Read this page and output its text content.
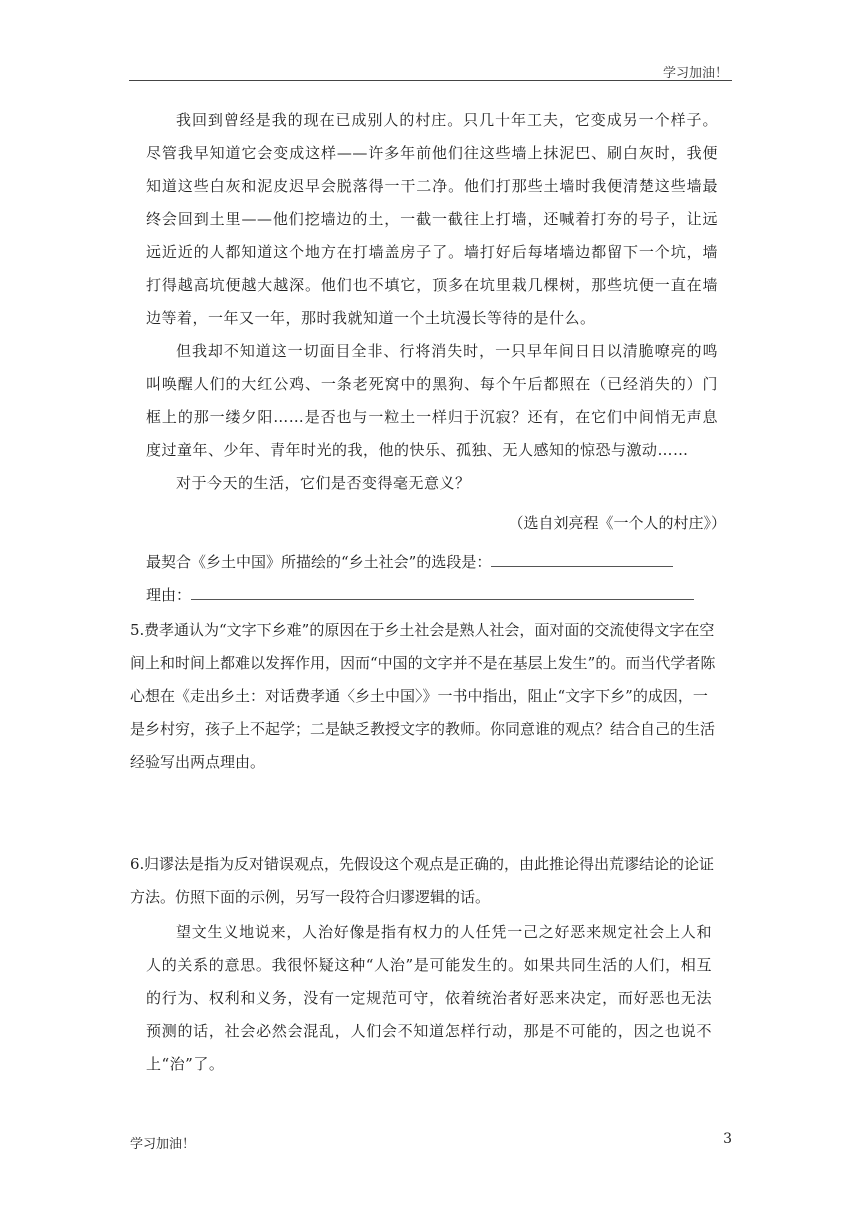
学习加油！

我回到曾经是我的现在已成别人的村庄。只几十年工夫，它变成另一个样子。尽管我早知道它会变成这样——许多年前他们往这些墙上抹泥巴、刷白灰时，我便知道这些白灰和泥皮迟早会脱落得一干二净。他们打那些土墙时我便清楚这些墙最终会回到土里——他们挖墙边的土，一截一截往上打墙，还喊着打夯的号子，让远远近近的人都知道这个地方在打墙盖房子了。墙打好后每堵墙边都留下一个坑，墙打得越高坑便越大越深。他们也不填它，顶多在坑里栽几棵树，那些坑便一直在墙边等着，一年又一年，那时我就知道一个土坑漫长等待的是什么。

但我却不知道这一切面目全非、行将消失时，一只早年间日日以清脆嘹亮的鸣叫唤醒人们的大红公鸡、一条老死窝中的黑狗、每个午后都照在（已经消失的）门框上的那一缕夕阳……是否也与一粒土一样归于沉寂？还有，在它们中间悄无声息度过童年、少年、青年时光的我，他的快乐、孤独、无人感知的惊恐与激动……

对于今天的生活，它们是否变得毫无意义？

（选自刘亮程《一个人的村庄》）
最契合《乡土中国》所描绘的“乡土社会”的选段是：
理由：
5.费孝通认为“文字下乡难”的原因在于乡土社会是熟人社会，面对面的交流使得文字在空间上和时间上都难以发挥作用，因而“中国的文字并不是在基层上发生”的。而当代学者陈心想在《走出乡土：对话费孝通〈乡土中国〉》一书中指出，阻止“文字下乡”的成因，一是乡村穷，孩子上不起学；二是缺乏教授文字的教师。你同意谁的观点？结合自己的生活经验写出两点理由。
6.归谬法是指为反对错误观点，先假设这个观点是正确的，由此推论得出荒谬结论的论证方法。仿照下面的示例，另写一段符合归谬逻辑的话。

望文生义地说来，人治好像是指有权力的人任凭一己之好恶来规定社会上人和人的关系的意思。我很怀疑这种“人治”是可能发生的。如果共同生活的人们，相互的行为、权利和义务，没有一定规范可守，依着统治者好恶来决定，而好恶也无法预测的话，社会必然会混乱，人们会不知道怎样行动，那是不可能的，因之也说不上“治”了。

学习加油！	3
